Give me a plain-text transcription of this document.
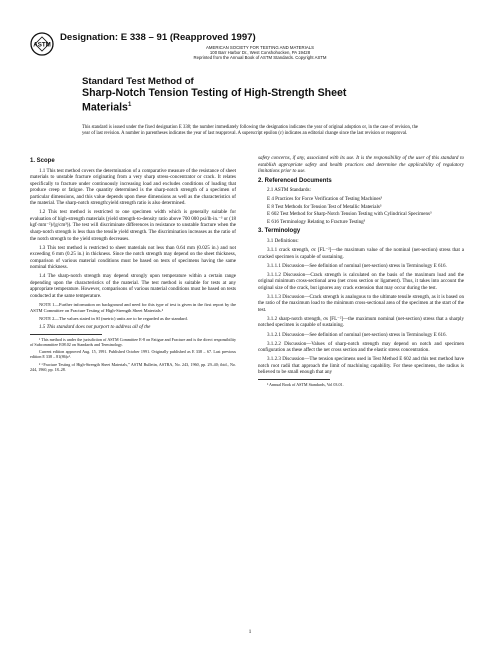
ASTM
Designation: E 338 – 91 (Reapproved 1997)
AMERICAN SOCIETY FOR TESTING AND MATERIALS
100 Barr Harbor Dr., West Conshohocken, PA 19428
Reprinted from the Annual Book of ASTM Standards. Copyright ASTM
Standard Test Method of
Sharp-Notch Tension Testing of High-Strength Sheet
Materials$^1$
This standard is issued under the fixed designation E 338; the number immediately following the designation indicates the year of original adoption or, in the case of revision, the year of last revision. A number in parentheses indicates the year of last reapproval. A superscript epsilon (ε) indicates an editorial change since the last revision or reapproval.
1. Scope

1.1 This test method covers the determination of a comparative measure of the resistance of sheet materials to unstable fracture originating from a very sharp stress-concentrator or crack. It relates specifically to fracture under continuously increasing load and excludes conditions of loading that produce creep or fatigue. The quantity determined is the sharp-notch strength of a specimen of particular dimensions, and this value depends upon these dimensions as well as the characteristics of the material. The sharp-notch strength:yield strength ratio is also determined.

1.2 This test method is restricted to one specimen width which is generally suitable for evaluation of high-strength materials (yield strength-to-density ratio above 700 000 psi/lb·in.⁻³ or (18 kgf·mm⁻²)/(g/cm³)). The test will discriminate differences in resistance to unstable fracture when the sharp-notch strength is less than the tensile yield strength. The discrimination increases as the ratio of the notch strength to the yield strength decreases.

1.3 This test method is restricted to sheet materials not less than 0.64 mm (0.025 in.) and not exceeding 6 mm (0.25 in.) in thickness. Since the notch strength may depend on the sheet thickness, comparison of various material conditions must be based on tests of specimens having the same nominal thickness.

1.4 The sharp-notch strength may depend strongly upon temperature within a certain range depending upon the characteristics of the material. The test method is suitable for tests at any appropriate temperature. However, comparisons of various material conditions must be based on tests conducted at the same temperature.

NOTE 1—Further information on background and need for this type of test is given in the first report by the ASTM Committee on Fracture Testing of High-Strength Sheet Materials.²

NOTE 2—The values stated in SI (metric) units are to be regarded as the standard.

1.5 This standard does not purport to address all of the

¹ This method is under the jurisdiction of ASTM Committee E-8 on Fatigue and Fracture and is the direct responsibility of Subcommittee E08.02 on Standards and Terminology.

Current edition approved Aug. 15, 1991. Published October 1991. Originally published as E 338 – 67. Last previous edition E 338 – 81(86)ε¹.

² “Fracture Testing of High-Strength Sheet Materials,” ASTM Bulletin, ASTBA, No. 243, 1960, pp. 29–40; ibid., No. 244, 1960, pp. 18–28.

safety concerns, if any, associated with its use. It is the responsibility of the user of this standard to establish appropriate safety and health practices and determine the applicability of regulatory limitations prior to use.

2. Referenced Documents

2.1 ASTM Standards:

E 4 Practices for Force Verification of Testing Machines³

E 8 Test Methods for Tension Test of Metallic Materials³

E 602 Test Method for Sharp-Notch Tension Testing with Cylindrical Specimens³

E 616 Terminology Relating to Fracture Testing³

3. Terminology

3.1 Definitions:

3.1.1 crack strength, σc [FL⁻²]—the maximum value of the nominal (net-section) stress that a cracked specimen is capable of sustaining.

3.1.1.1 Discussion—See definition of nominal (net-section) stress in Terminology E 616.

3.1.1.2 Discussion—Crack strength is calculated on the basis of the maximum load and the original minimum cross-sectional area (net cross section or ligament). Thus, it takes into account the original size of the crack, but ignores any crack extension that may occur during the test.

3.1.1.3 Discussion—Crack strength is analogous to the ultimate tensile strength, as it is based on the ratio of the maximum load to the minimum cross-sectional area of the specimen at the start of the test.

3.1.2 sharp-notch strength, σs [FL⁻²]—the maximum nominal (net-section) stress that a sharply notched specimen is capable of sustaining.

3.1.2.1 Discussion—See definition of nominal (net-section) stress in Terminology E 616.

3.1.2.2 Discussion—Values of sharp-notch strength may depend on notch and specimen configuration as these affect the net cross section and the elastic stress concentration.

3.1.2.3 Discussion—The tension specimens used in Test Method E 602 and this test method have notch root radii that approach the limit of machining capability. For these specimens, the radius is believed to be small enough that any

³ Annual Book of ASTM Standards, Vol 03.01.

1
